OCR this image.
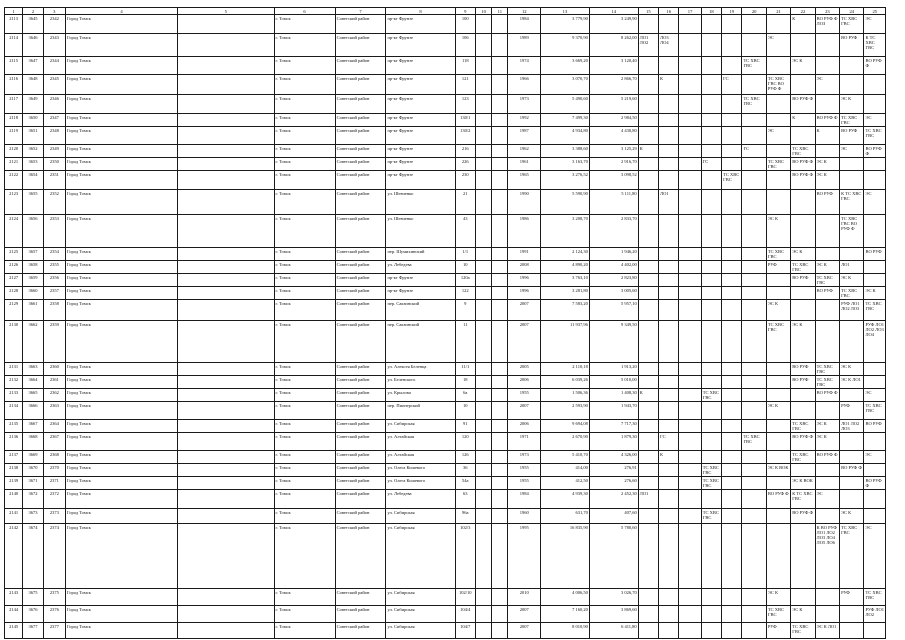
1	2	3	4	5	6	7	8	9	10	11	12	13	14	15	16	17	18	19	20	21	22	23	24	25
2113	3645	2342	Город Томск		г. Томск	Советский район	пр-кт Фрунзе	100			1984	3 779,90	3 249,90								К	ВО РУФ Ф ЛОЗ	ТС ХВС ГВС	ЭС
2114	3646	2343	Город Томск		г. Томск	Советский район	пр-кт Фрунзе	106			1989	9 370,90	8 262,00	ЛО1 ЛО2	ЛО3 ЛО4					ЭС			ВО РУФ	К ТС ХВС ГВС
2115	3647	2344	Город Томск		г. Томск	Советский район	пр-кт Фрунзе	118			1974	3 669,20	3 120,40						ТС ХВС ГВС		ЭС К			ВО РУФ Ф
2116	3648	2345	Город Томск		г. Томск	Советский район	пр-кт Фрунзе	121			1966	3 070,70	2 866,70		К			ГС		ТС ХВС ГВС ВО РУФ Ф		ЭС		
2117	3649	2346	Город Томск		г. Томск	Советский район	пр-кт Фрунзе	123			1973	5 490,60	5 219,60						ТС ХВС ГВС		ВО РУФ Ф		ЭС К	
2118	3650	2347	Город Томск		г. Томск	Советский район	пр-кт Фрунзе	130/1			1992	7 499,30	2 984,50								К	ВО РУФ Ф	ТС ХВС ГВС	ЭС
2119	3651	2348	Город Томск		г. Томск	Советский район	пр-кт Фрунзе	130/2			1987	4 934,80	4 430,80							ЭС		К	ВО РУФ	ТС ХВС ГВС
2120	3652	2349	Город Томск		г. Томск	Советский район	пр-кт Фрунзе	216			1962	3 388,60	3 125,29	К					ГС		ТС ХВС ГВС		ЭС	ВО РУФ Ф
2121	3653	2350	Город Томск		г. Томск	Советский район	пр-кт Фрунзе	226			1961	3 163,70	2 916,70				ГС			ТС ХВС ГВС	ВО РУФ Ф	ЭС К		
2122	3654	2351	Город Томск		г. Томск	Советский район	пр-кт Фрунзе	230			1965	3 276,52	3 098,52					ТС ХВС ГВС			ВО РУФ Ф	ЭС К		
2123	3655	2352	Город Томск		г. Томск	Советский район	ул. Шевченко	21			1990	5 590,90	5 111,80		ЛО1							ВО РУФ	К ТС ХВС ГВС	ЭС
2124	3656	2353	Город Томск		г. Томск	Советский район	ул. Шевченко	43			1986	3 208,70	2 833,70							ЭС К			ТС ХВС ГВС ВО РУФ Ф	
2125	3657	2354	Город Томск		г. Томск	Советский район	пер. Шумихинский	1/1			1991	2 124,30	1 946,20							ТС ХВС ГВС	ЭС К			ВО РУФ
2126	3658	2355	Город Томск		г. Томск	Советский район	ул. Лебедева	10			2008	4 890,20	4 402,00							РУФ	ТС ХВС ГВС	ЭС К	ЛО1	
2127	3659	2356	Город Томск		г. Томск	Советский район	пр-кт Фрунзе	120а			1996	3 763,10	2 823,80								ВО РУФ	ТС ХВС ГВС	ЭС К	
2128	3660	2357	Город Томск		г. Томск	Советский район	пр-кт Фрунзе	122			1996	3 281,80	3 005,60									ВО РУФ	ТС ХВС ГВС	ЭС К
2129	3661	2358	Город Томск		г. Томск	Советский район	пер. Сакзинский	9			2007	7 583,20	5 957,10							ЭС К			РУФ ЛО1 ЛО2 ЛО3	ТС ХВС ГВС
2130	3662	2359	Город Томск		г. Томск	Советский район	пер. Сакзинский	11			2007	11 937,96	9 349,50							ТС ХВС ГВС	ЭС К			РУФ ЛО1 ЛО2 ЛО3 ЛО4
2131	3663	2360	Город Томск		г. Томск	Советский район	ул. Алексея Беленца	11/1			2005	2 110,18	1 913,20								ВО РУФ	ТС ХВС ГВС	ЭС К	
2132	3664	2361	Город Томск		г. Томск	Советский район	ул. Беленского	18			2006	6 039,26	5 010,00								ВО РУФ	ТС ХВС ГВС	ЭС К ЛО1	
2133	3665	2362	Город Томск		г. Томск	Советский район	ул. Крылова	6а			1955	1 506,36	1 408,30	К			ТС ХВС ГВС					ВО РУФ Ф		ЭС
2134	3666	2363	Город Томск		г. Томск	Советский район	пер. Пионерский	10			2007	2 593,90	1 943,70							ЭС К			РУФ	ТС ХВС ГВС
2135	3667	2364	Город Томск		г. Томск	Советский район	ул. Сибирская	91			2006	9 694,08	7 717,30								ТС ХВС ГВС	ЭС К	ЛО1 ЛО2 ЛО3	ВО РУФ
2136	3668	2367	Город Томск		г. Томск	Советский район	ул. Алтайская	120			1971	2 670,90	1 879,30		ГС				ТС ХВС ГВС		ВО РУФ Ф	ЭС К		
2137	3669	2368	Город Томск		г. Томск	Советский район	ул. Алтайская	126			1973	5 410,70	4 326,00		К						ТС ХВС ГВС	ВО РУФ Ф		ЭС
2138	3670	2370	Город Томск		г. Томск	Советский район	ул. Олега Кошевого	36			1955	414,00	276,91				ТС ХВС ГВС			ЭС К ВОК			ВО РУФ Ф	
2139	3671	2371	Город Томск		г. Томск	Советский район	ул. Олега Кошевого	54а			1955	412,50	276,60				ТС ХВС ГВС				ЭС К ВОК			ВО РУФ Ф
2140	3672	2372	Город Томск		г. Томск	Советский район	ул. Лебедева	63			1984	4 939,30	2 452,30	ЛО1						ВО РУФ Ф	К ТС ХВС ГВС	ЭС		
2141	3673	2373	Город Томск		г. Томск	Советский район	ул. Сибирская	96а			1960	631,70	407,60				ТС ХВС ГВС				ВО РУФ Ф		ЭС К	
2142	3674	2374	Город Томск		г. Томск	Советский район	ул. Сибирская	102/3			1995	16 835,90	5 780,60									К ВО РУФ ЛО1 ЛО2 ЛО3 ЛО4 ЛО5 ЛО6	ТС ХВС ГВС	ЭС
2143	3675	2375	Город Томск		г. Томск	Советский район	ул. Сибирская	102/10			2010	4 006,50	3 026,70							ЭС К			РУФ	ТС ХВС ГВС
2144	3676	2376	Город Томск		г. Томск	Советский район	ул. Сибирская	104/4			2007	7 160,20	3 869,60							ТС ХВС ГВС	ЭС К			РУФ ЛО1 ЛО2
2145	3677	2377	Город Томск		г. Томск	Советский район	ул. Сибирская	104/7			2007	8 010,90	6 411,80							РУФ	ТС ХВС ГВС	ЭС К ЛО1		
